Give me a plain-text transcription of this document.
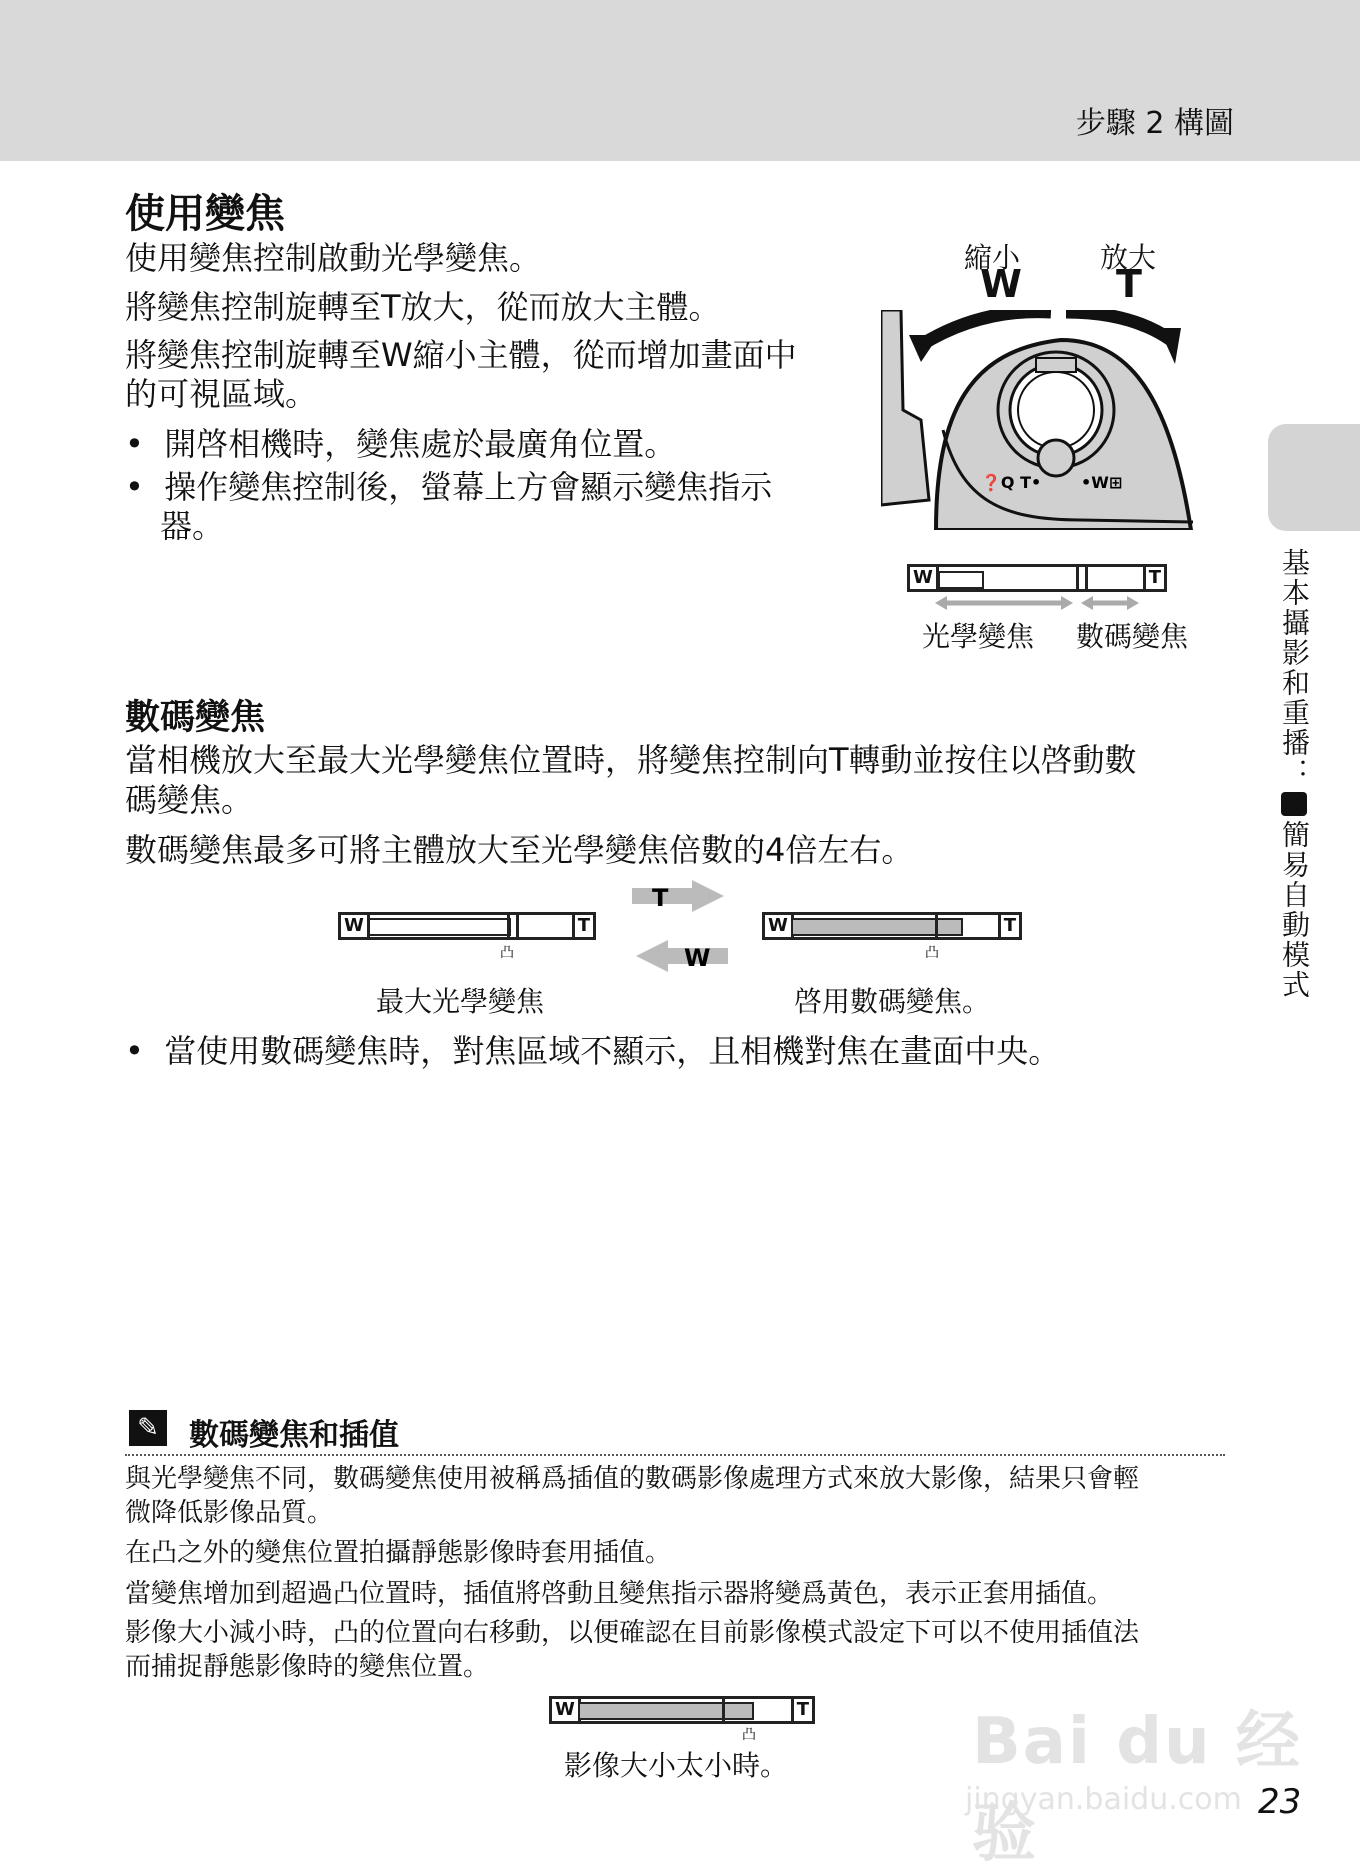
步驟 2 構圖
基本攝影和重播：簡易自動模式
使用變焦
使用變焦控制啟動光學變焦。
將變焦控制旋轉至T放大，從而放大主體。
將變焦控制旋轉至W縮小主體，從而增加畫面中
的可視區域。
•  開啓相機時，變焦處於最廣角位置。
•  操作變焦控制後，螢幕上方會顯示變焦指示
器。
縮小	放大
W T
❓Q T• •W⊞
W	T
光學變焦 數碼變焦
數碼變焦
當相機放大至最大光學變焦位置時，將變焦控制向T轉動並按住以啓動數
碼變焦。
數碼變焦最多可將主體放大至光學變焦倍數的4倍左右。
W	T
凸
T
W
W	T
凸
最大光學變焦	啓用數碼變焦。
•  當使用數碼變焦時，對焦區域不顯示，且相機對焦在畫面中央。
✎ 數碼變焦和插值
與光學變焦不同，數碼變焦使用被稱爲插值的數碼影像處理方式來放大影像，結果只會輕
微降低影像品質。
在凸之外的變焦位置拍攝靜態影像時套用插值。
當變焦增加到超過凸位置時，插值將啓動且變焦指示器將變爲黃色，表示正套用插值。
影像大小減小時，凸的位置向右移動，以便確認在目前影像模式設定下可以不使用插值法
而捕捉靜態影像時的變焦位置。
W	T
凸
影像大小太小時。	Bai du 经验
jingyan.baidu.com 23
